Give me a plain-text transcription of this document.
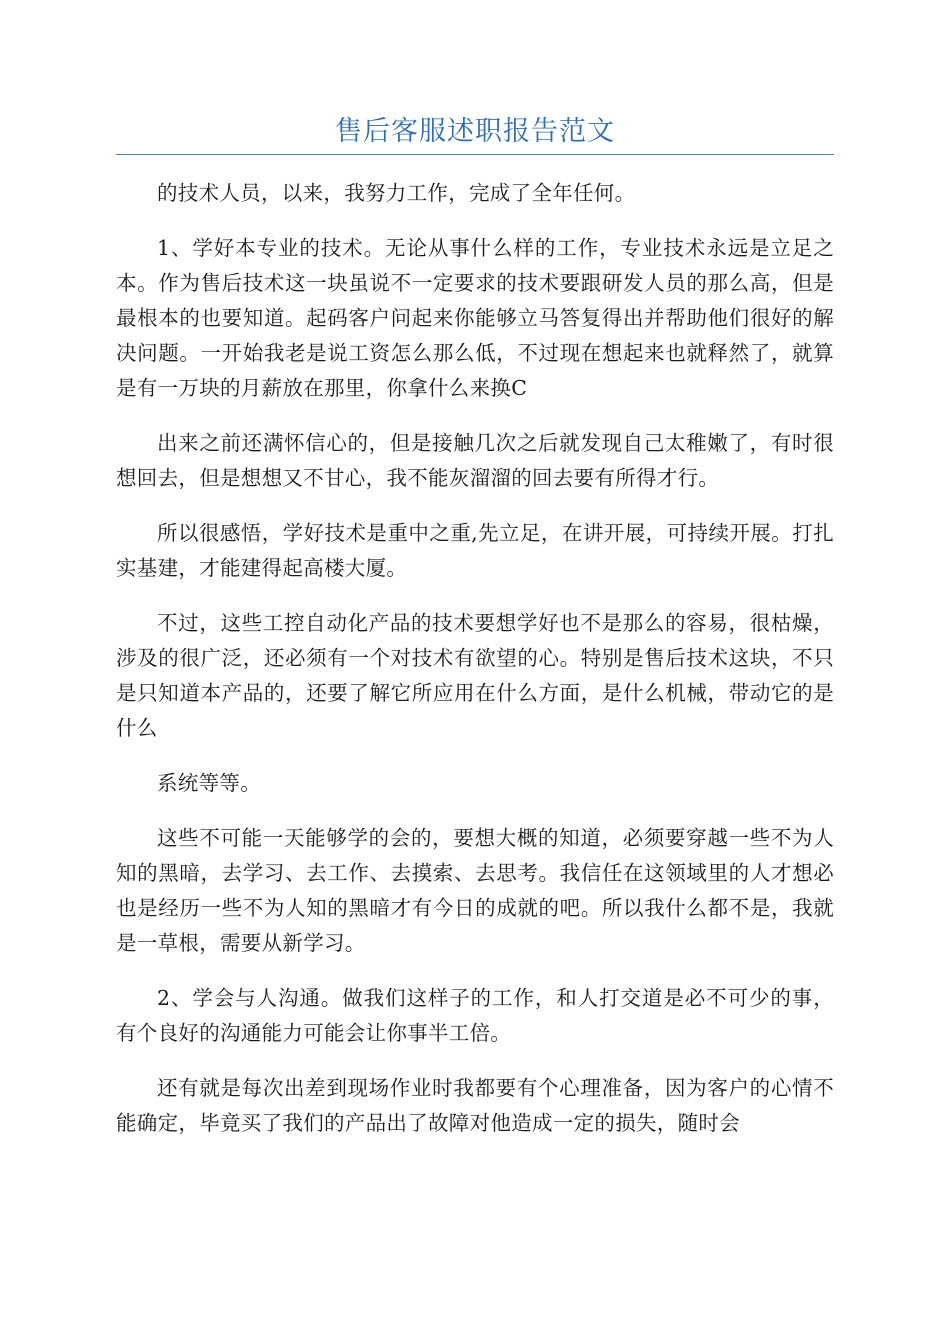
售后客服述职报告范文

的技术人员，以来，我努力工作，完成了全年任何。

1、学好本专业的技术。无论从事什么样的工作，专业技术永远是立足之本。作为售后技术这一块虽说不一定要求的技术要跟研发人员的那么高，但是最根本的也要知道。起码客户问起来你能够立马答复得出并帮助他们很好的解决问题。一开始我老是说工资怎么那么低，不过现在想起来也就释然了，就算是有一万块的月薪放在那里，你拿什么来换C

出来之前还满怀信心的，但是接触几次之后就发现自己太稚嫩了，有时很想回去，但是想想又不甘心，我不能灰溜溜的回去要有所得才行。

所以很感悟，学好技术是重中之重,先立足，在讲开展，可持续开展。打扎实基建，才能建得起高楼大厦。

不过，这些工控自动化产品的技术要想学好也不是那么的容易，很枯燥，涉及的很广泛，还必须有一个对技术有欲望的心。特别是售后技术这块，不只是只知道本产品的，还要了解它所应用在什么方面，是什么机械，带动它的是什么

系统等等。

这些不可能一天能够学的会的，要想大概的知道，必须要穿越一些不为人知的黑暗，去学习、去工作、去摸索、去思考。我信任在这领域里的人才想必也是经历一些不为人知的黑暗才有今日的成就的吧。所以我什么都不是，我就是一草根，需要从新学习。

2、学会与人沟通。做我们这样子的工作，和人打交道是必不可少的事，有个良好的沟通能力可能会让你事半工倍。

还有就是每次出差到现场作业时我都要有个心理准备，因为客户的心情不能确定，毕竟买了我们的产品出了故障对他造成一定的损失，随时会
